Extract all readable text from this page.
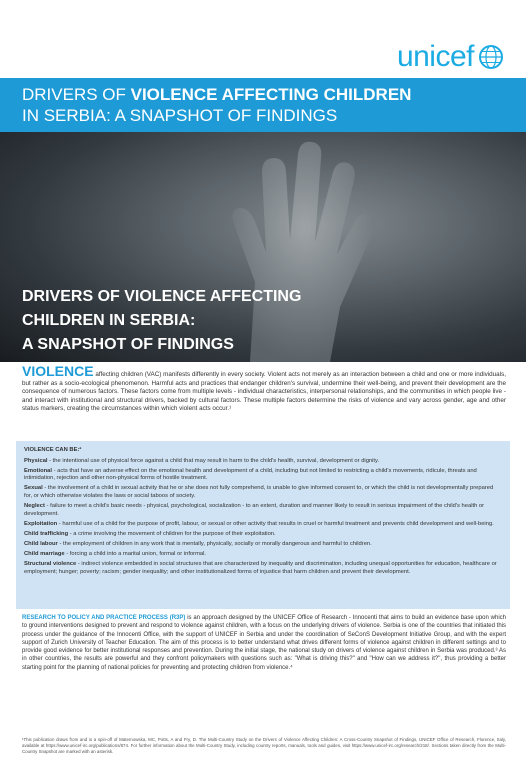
unicef
DRIVERS OF VIOLENCE AFFECTING CHILDREN
IN SERBIA: A SNAPSHOT OF FINDINGS
DRIVERS OF VIOLENCE AFFECTING
CHILDREN IN SERBIA:
A SNAPSHOT OF FINDINGS
VIOLENCE affecting children (VAC) manifests differently in every society. Violent acts not merely as an interaction between a child and one or more individuals, but rather as a socio-ecological phenomenon. Harmful acts and practices that endanger children's survival, undermine their well-being, and prevent their development are the consequence of numerous factors. These factors come from multiple levels - individual characteristics, interpersonal relationships, and the communities in which people live - and interact with institutional and structural drivers, backed by cultural factors. These multiple factors determine the risks of violence and vary across gender, age and other status markers, creating the circumstances within which violent acts occur.¹
VIOLENCE CAN BE:²

Physical - the intentional use of physical force against a child that may result in harm to the child's health, survival, development or dignity.

Emotional - acts that have an adverse effect on the emotional health and development of a child, including but not limited to restricting a child's movements, ridicule, threats and intimidation, rejection and other non-physical forms of hostile treatment.

Sexual - the involvement of a child in sexual activity that he or she does not fully comprehend, is unable to give informed consent to, or which the child is not developmentally prepared for, or which otherwise violates the laws or social taboos of society.

Neglect - failure to meet a child's basic needs - physical, psychological, socialization - to an extent, duration and manner likely to result in serious impairment of the child's health or development.

Exploitation - harmful use of a child for the purpose of profit, labour, or sexual or other activity that results in cruel or harmful treatment and prevents child development and well-being.

Child trafficking - a crime involving the movement of children for the purpose of their exploitation.

Child labour - the employment of children in any work that is mentally, physically, socially or morally dangerous and harmful to children.

Child marriage - forcing a child into a marital union, formal or informal.

Structural violence - indirect violence embedded in social structures that are characterized by inequality and discrimination, including unequal opportunities for education, healthcare or employment; hunger; poverty; racism; gender inequality; and other institutionalized forms of injustice that harm children and prevent their development.

RESEARCH TO POLICY AND PRACTICE PROCESS (R3P) is an approach designed by the UNICEF Office of Research - Innocenti that aims to build an evidence base upon which to ground interventions designed to prevent and respond to violence against children, with a focus on the underlying drivers of violence. Serbia is one of the countries that initiated this process under the guidance of the Innocenti Office, with the support of UNICEF in Serbia and under the coordination of SeConS Development Initiative Group, and with the expert support of Zurich University of Teacher Education. The aim of this process is to better understand what drives different forms of violence against children in different settings and to provide good evidence for better institutional responses and prevention. During the initial stage, the national study on drivers of violence against children in Serbia was produced.³ As in other countries, the results are powerful and they confront policymakers with questions such as: "What is driving this?" and "How can we address it?", thus providing a better starting point for the planning of national policies for preventing and protecting children from violence.⁴
¹This publication draws from and is a spin-off of Maternowska, MC, Potts, A and Fry, D. The Multi-Country Study on the Drivers of Violence Affecting Children: A Cross-Country Snapshot of Findings, UNICEF Office of Research, Florence, Italy, available at https://www.unicef-irc.org/publications/874. For further information about the Multi-Country Study, including country reports, manuals, tools and guides, visit https://www.unicef-irc.org/research/218/. Sections taken directly from the Multi-Country Snapshot are marked with an asterisk.
